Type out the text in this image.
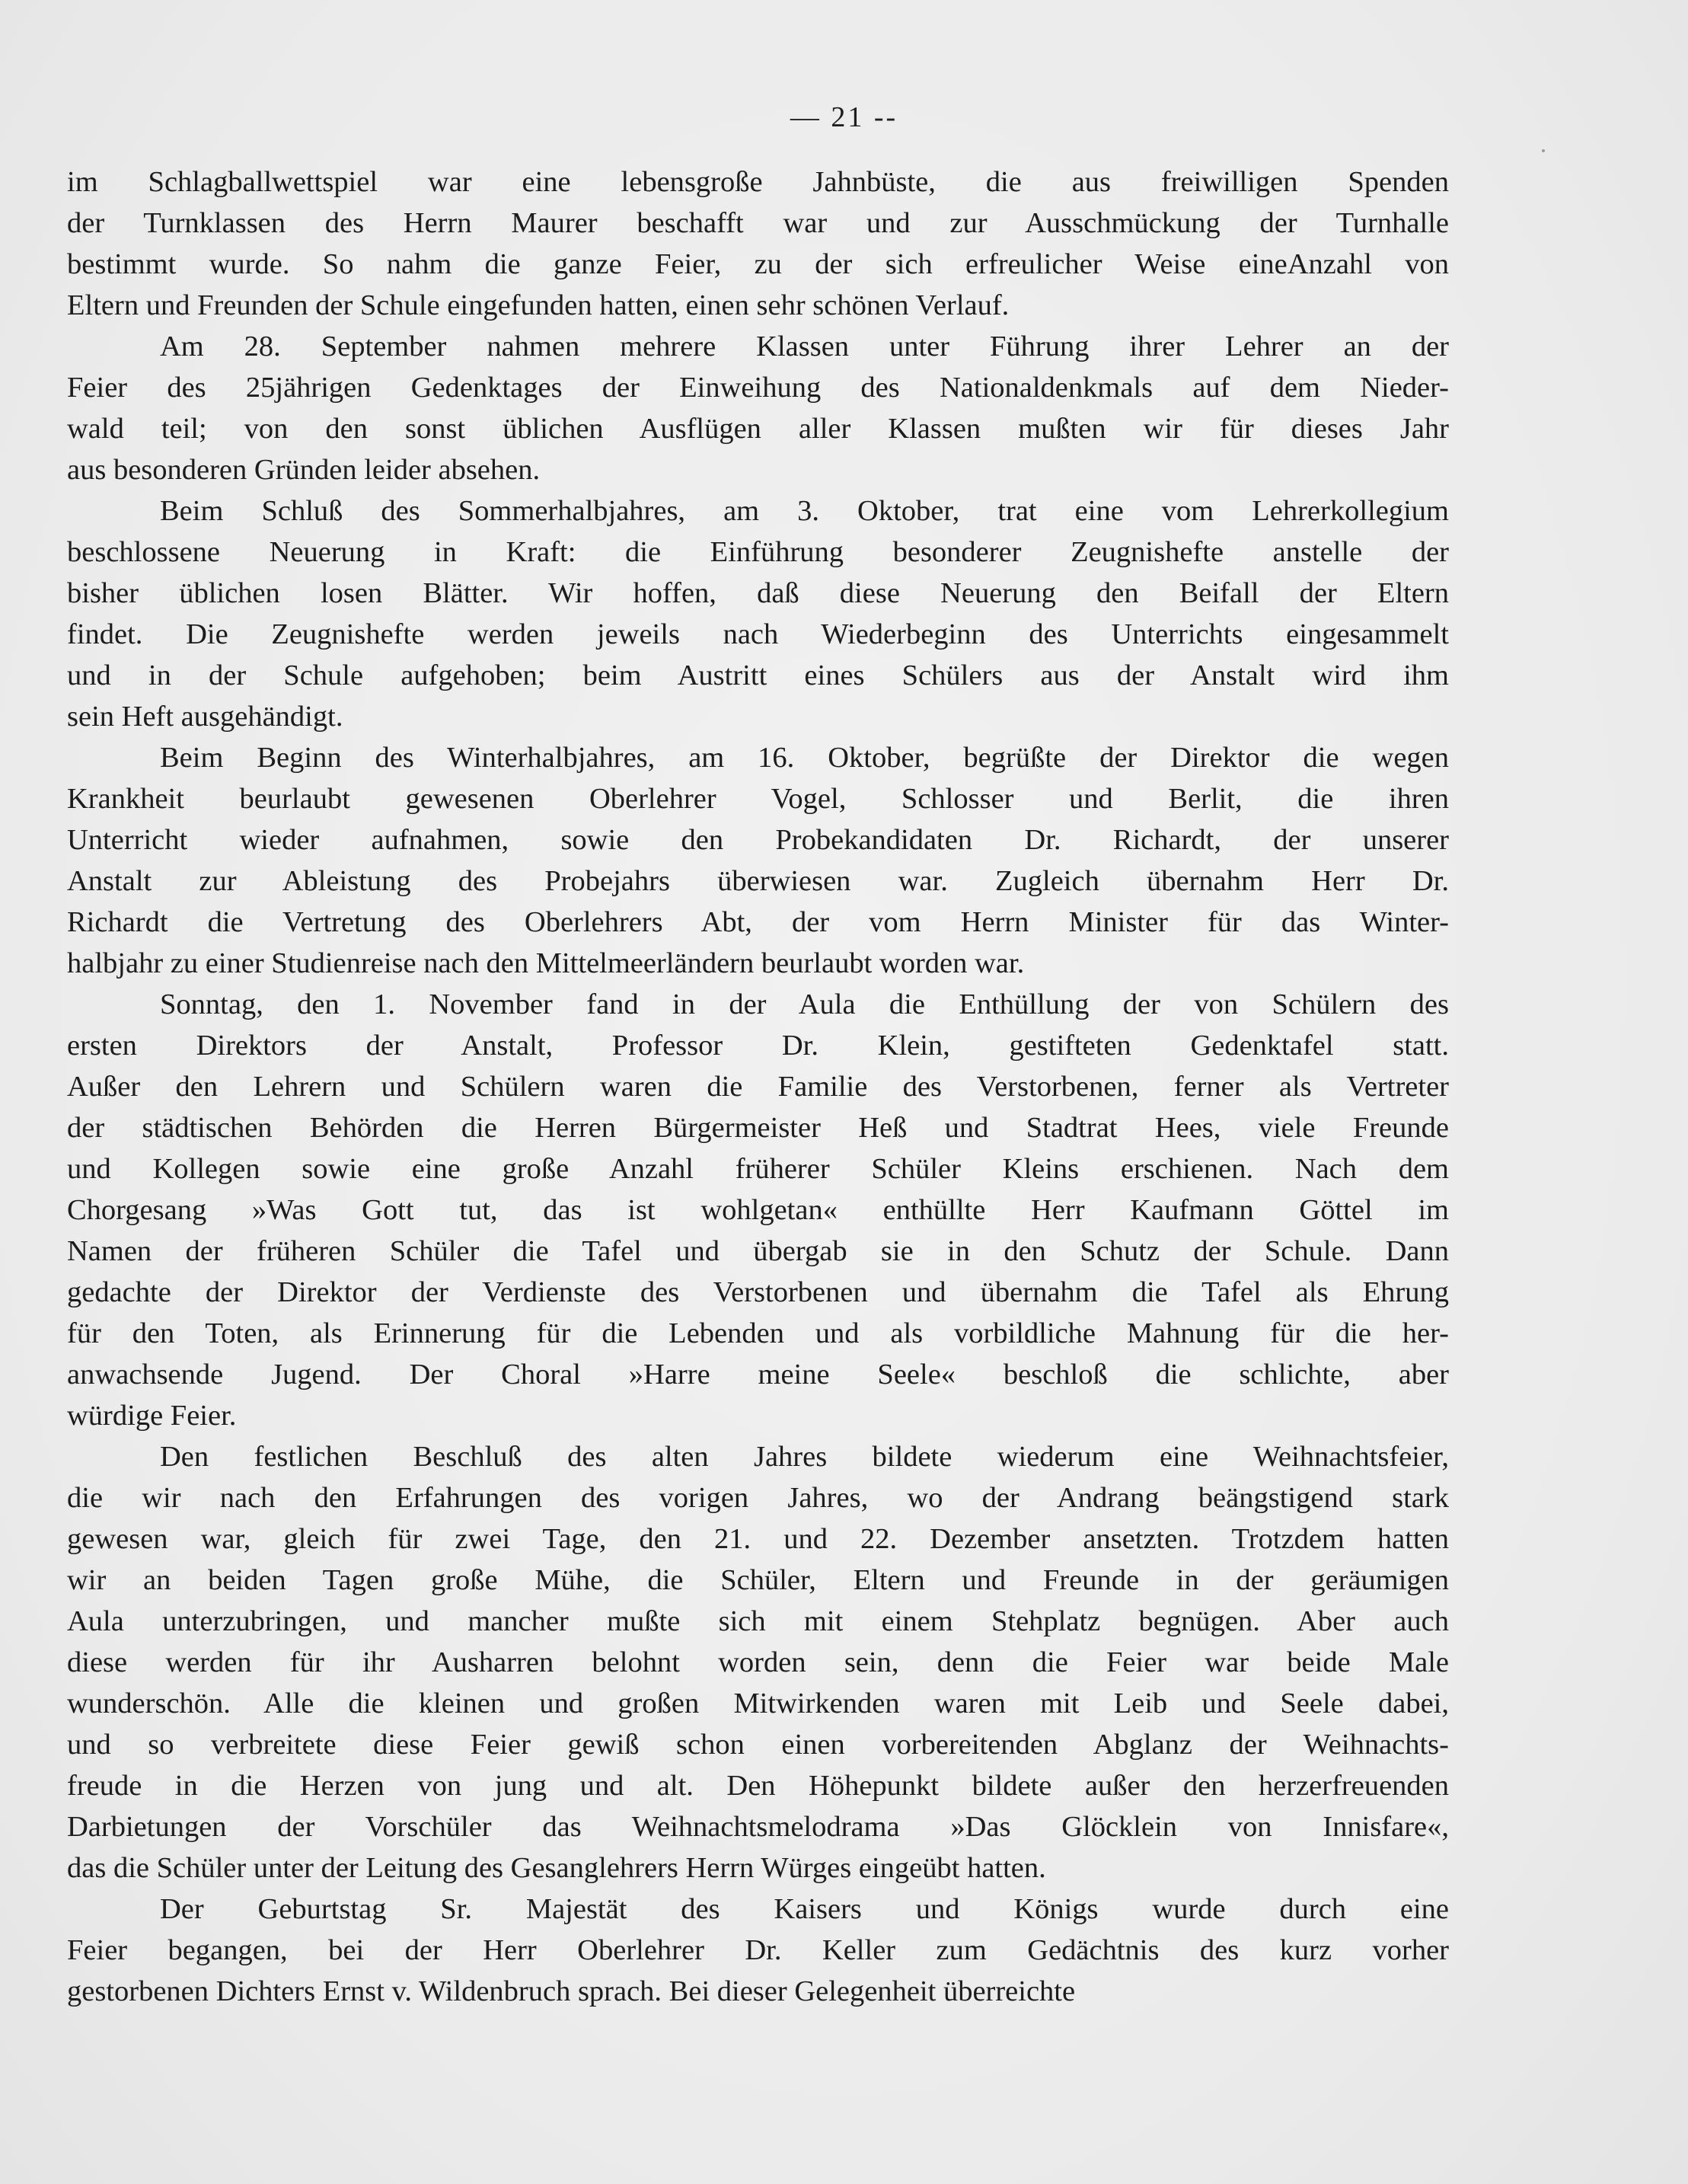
— 21 --
im Schlagballwettspiel war eine lebensgroße Jahnbüste, die aus freiwilligen Spenden
der Turnklassen des Herrn Maurer beschafft war und zur Ausschmückung der Turnhalle
bestimmt wurde. So nahm die ganze Feier, zu der sich erfreulicher Weise eineAnzahl von
Eltern und Freunden der Schule eingefunden hatten, einen sehr schönen Verlauf.
Am 28. September nahmen mehrere Klassen unter Führung ihrer Lehrer an der
Feier des 25jährigen Gedenktages der Einweihung des Nationaldenkmals auf dem Nieder-
wald teil; von den sonst üblichen Ausflügen aller Klassen mußten wir für dieses Jahr
aus besonderen Gründen leider absehen.
Beim Schluß des Sommerhalbjahres, am 3. Oktober, trat eine vom Lehrerkollegium
beschlossene Neuerung in Kraft: die Einführung besonderer Zeugnishefte anstelle der
bisher üblichen losen Blätter. Wir hoffen, daß diese Neuerung den Beifall der Eltern
findet. Die Zeugnishefte werden jeweils nach Wiederbeginn des Unterrichts eingesammelt
und in der Schule aufgehoben; beim Austritt eines Schülers aus der Anstalt wird ihm
sein Heft ausgehändigt.
Beim Beginn des Winterhalbjahres, am 16. Oktober, begrüßte der Direktor die wegen
Krankheit beurlaubt gewesenen Oberlehrer Vogel, Schlosser und Berlit, die ihren
Unterricht wieder aufnahmen, sowie den Probekandidaten Dr. Richardt, der unserer
Anstalt zur Ableistung des Probejahrs überwiesen war. Zugleich übernahm Herr Dr.
Richardt die Vertretung des Oberlehrers Abt, der vom Herrn Minister für das Winter-
halbjahr zu einer Studienreise nach den Mittelmeerländern beurlaubt worden war.
Sonntag, den 1. November fand in der Aula die Enthüllung der von Schülern des
ersten Direktors der Anstalt, Professor Dr. Klein, gestifteten Gedenktafel statt.
Außer den Lehrern und Schülern waren die Familie des Verstorbenen, ferner als Vertreter
der städtischen Behörden die Herren Bürgermeister Heß und Stadtrat Hees, viele Freunde
und Kollegen sowie eine große Anzahl früherer Schüler Kleins erschienen. Nach dem
Chorgesang »Was Gott tut, das ist wohlgetan« enthüllte Herr Kaufmann Göttel im
Namen der früheren Schüler die Tafel und übergab sie in den Schutz der Schule. Dann
gedachte der Direktor der Verdienste des Verstorbenen und übernahm die Tafel als Ehrung
für den Toten, als Erinnerung für die Lebenden und als vorbildliche Mahnung für die her-
anwachsende Jugend. Der Choral »Harre meine Seele« beschloß die schlichte, aber
würdige Feier.
Den festlichen Beschluß des alten Jahres bildete wiederum eine Weihnachtsfeier,
die wir nach den Erfahrungen des vorigen Jahres, wo der Andrang beängstigend stark
gewesen war, gleich für zwei Tage, den 21. und 22. Dezember ansetzten. Trotzdem hatten
wir an beiden Tagen große Mühe, die Schüler, Eltern und Freunde in der geräumigen
Aula unterzubringen, und mancher mußte sich mit einem Stehplatz begnügen. Aber auch
diese werden für ihr Ausharren belohnt worden sein, denn die Feier war beide Male
wunderschön. Alle die kleinen und großen Mitwirkenden waren mit Leib und Seele dabei,
und so verbreitete diese Feier gewiß schon einen vorbereitenden Abglanz der Weihnachts-
freude in die Herzen von jung und alt. Den Höhepunkt bildete außer den herzerfreuenden
Darbietungen der Vorschüler das Weihnachtsmelodrama »Das Glöcklein von Innisfare«,
das die Schüler unter der Leitung des Gesanglehrers Herrn Würges eingeübt hatten.
Der Geburtstag Sr. Majestät des Kaisers und Königs wurde durch eine
Feier begangen, bei der Herr Oberlehrer Dr. Keller zum Gedächtnis des kurz vorher
gestorbenen Dichters Ernst v. Wildenbruch sprach. Bei dieser Gelegenheit überreichte
